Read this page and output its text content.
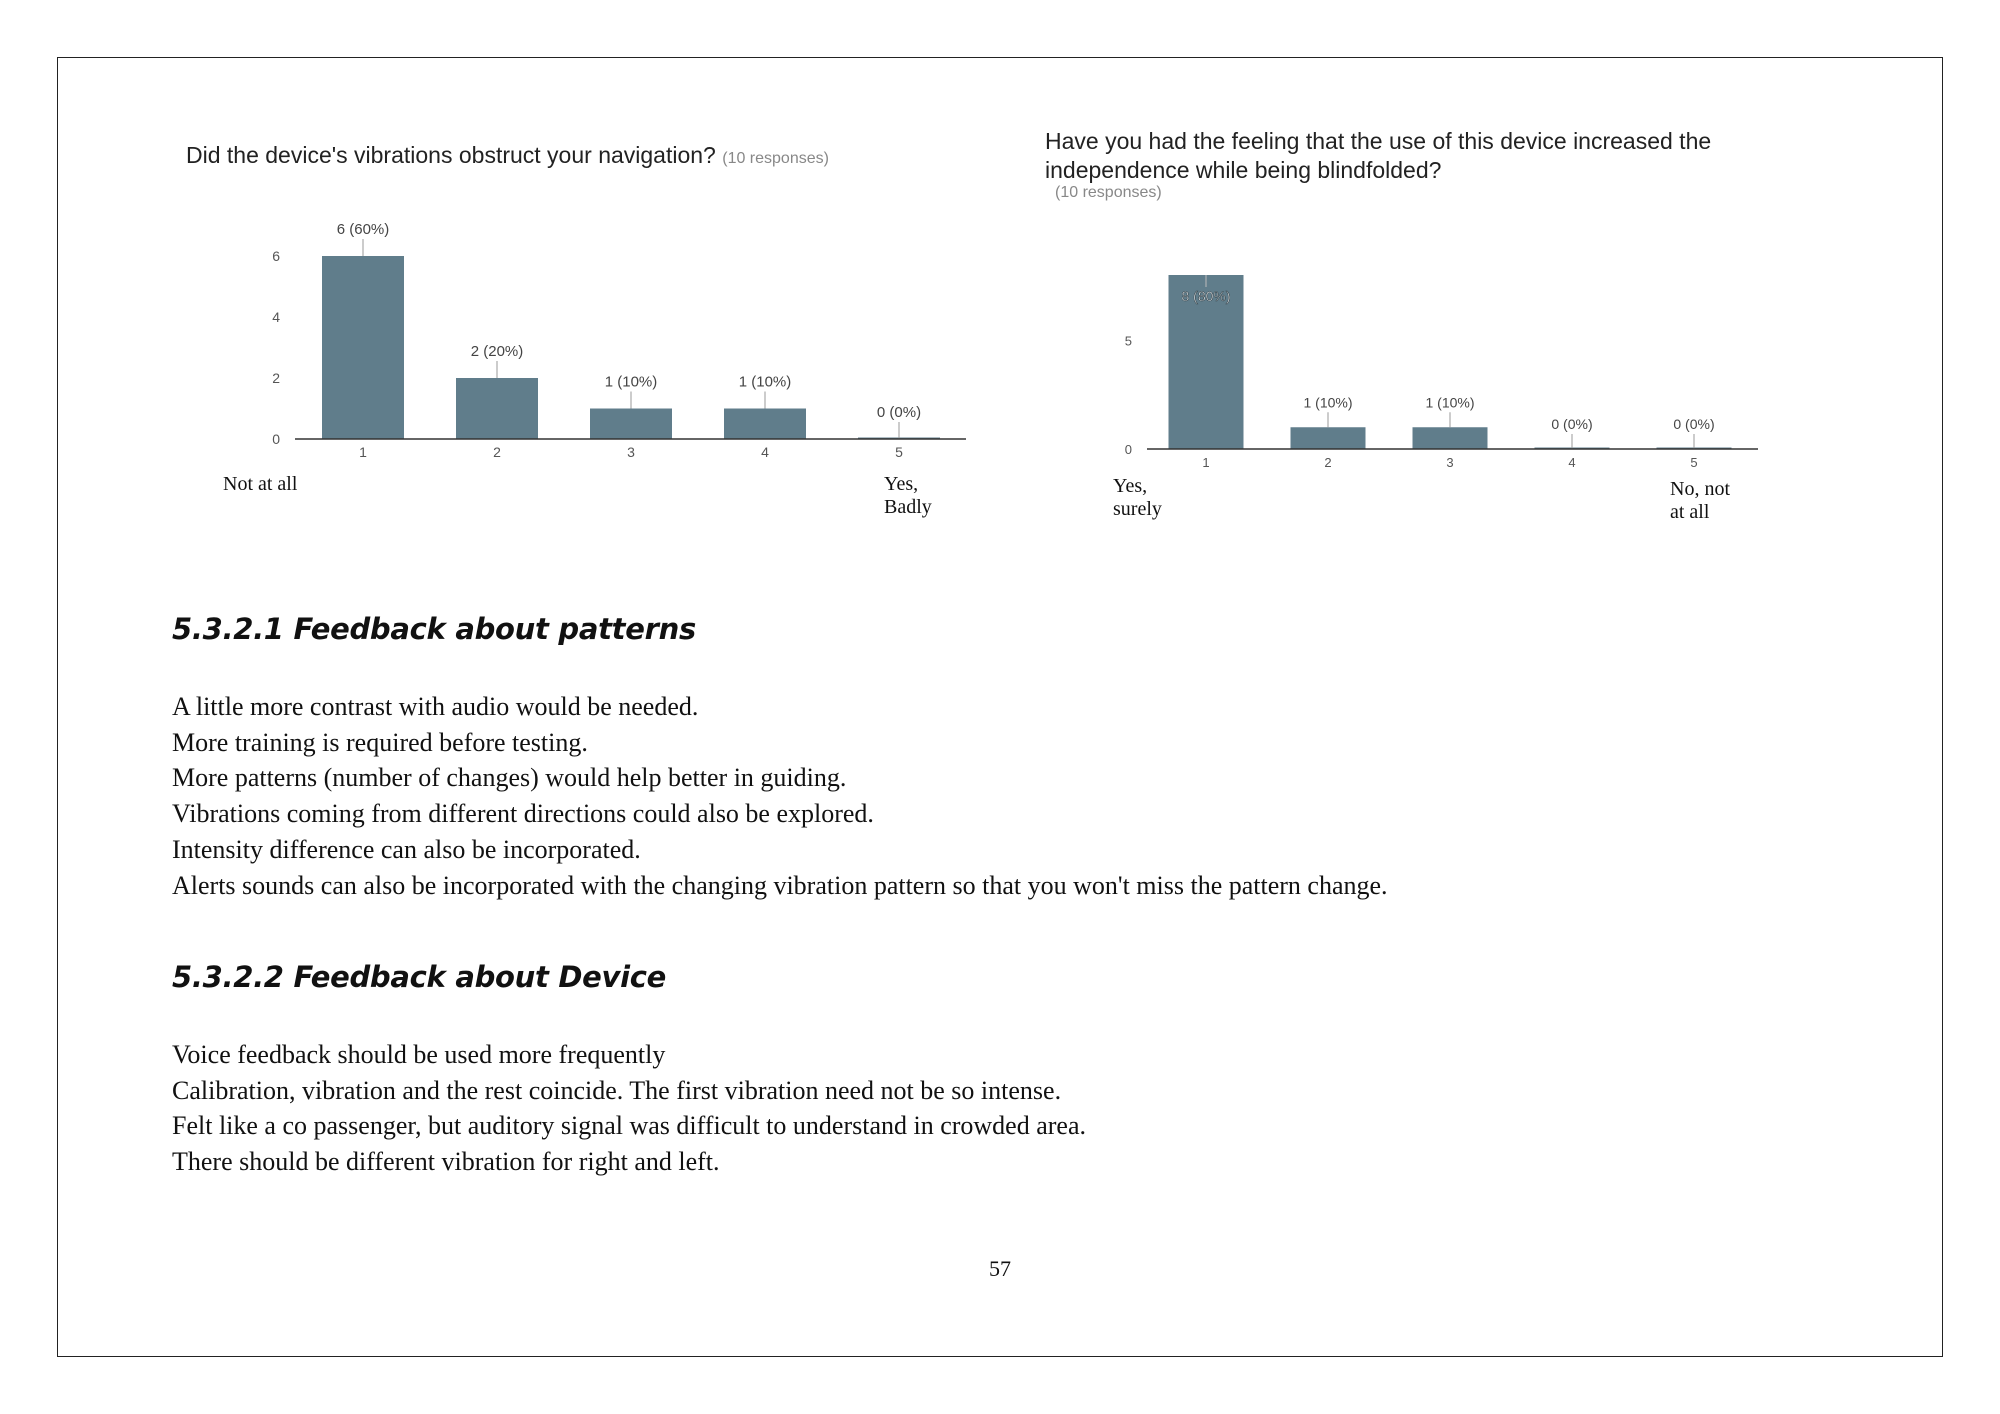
Did the device's vibrations obstruct your navigation? (10 responses)
0
2
4
6
6 (60%)
1
2 (20%)
2
1 (10%)
3
1 (10%)
4
0 (0%)
5
Not at all	Yes, Badly
Have you had the feeling that the use of this device increased the independence while being blindfolded?
(10 responses)
0
5
8 (80%)
1
1 (10%)
2
1 (10%)
3
0 (0%)
4
0 (0%)
5
Yes, surely
No, not at all
5.3.2.1 Feedback about patterns
A little more contrast with audio would be needed.
More training is required before testing.
More patterns (number of changes) would help better in guiding.
Vibrations coming from different directions could also be explored.
Intensity difference can also be incorporated.
Alerts sounds can also be incorporated with the changing vibration pattern so that you won't miss the pattern change.
5.3.2.2 Feedback about Device
Voice feedback should be used more frequently
Calibration, vibration and the rest coincide. The first vibration need not be so intense.
Felt like a co passenger, but auditory signal was difficult to understand in crowded area.
There should be different vibration for right and left.
57
